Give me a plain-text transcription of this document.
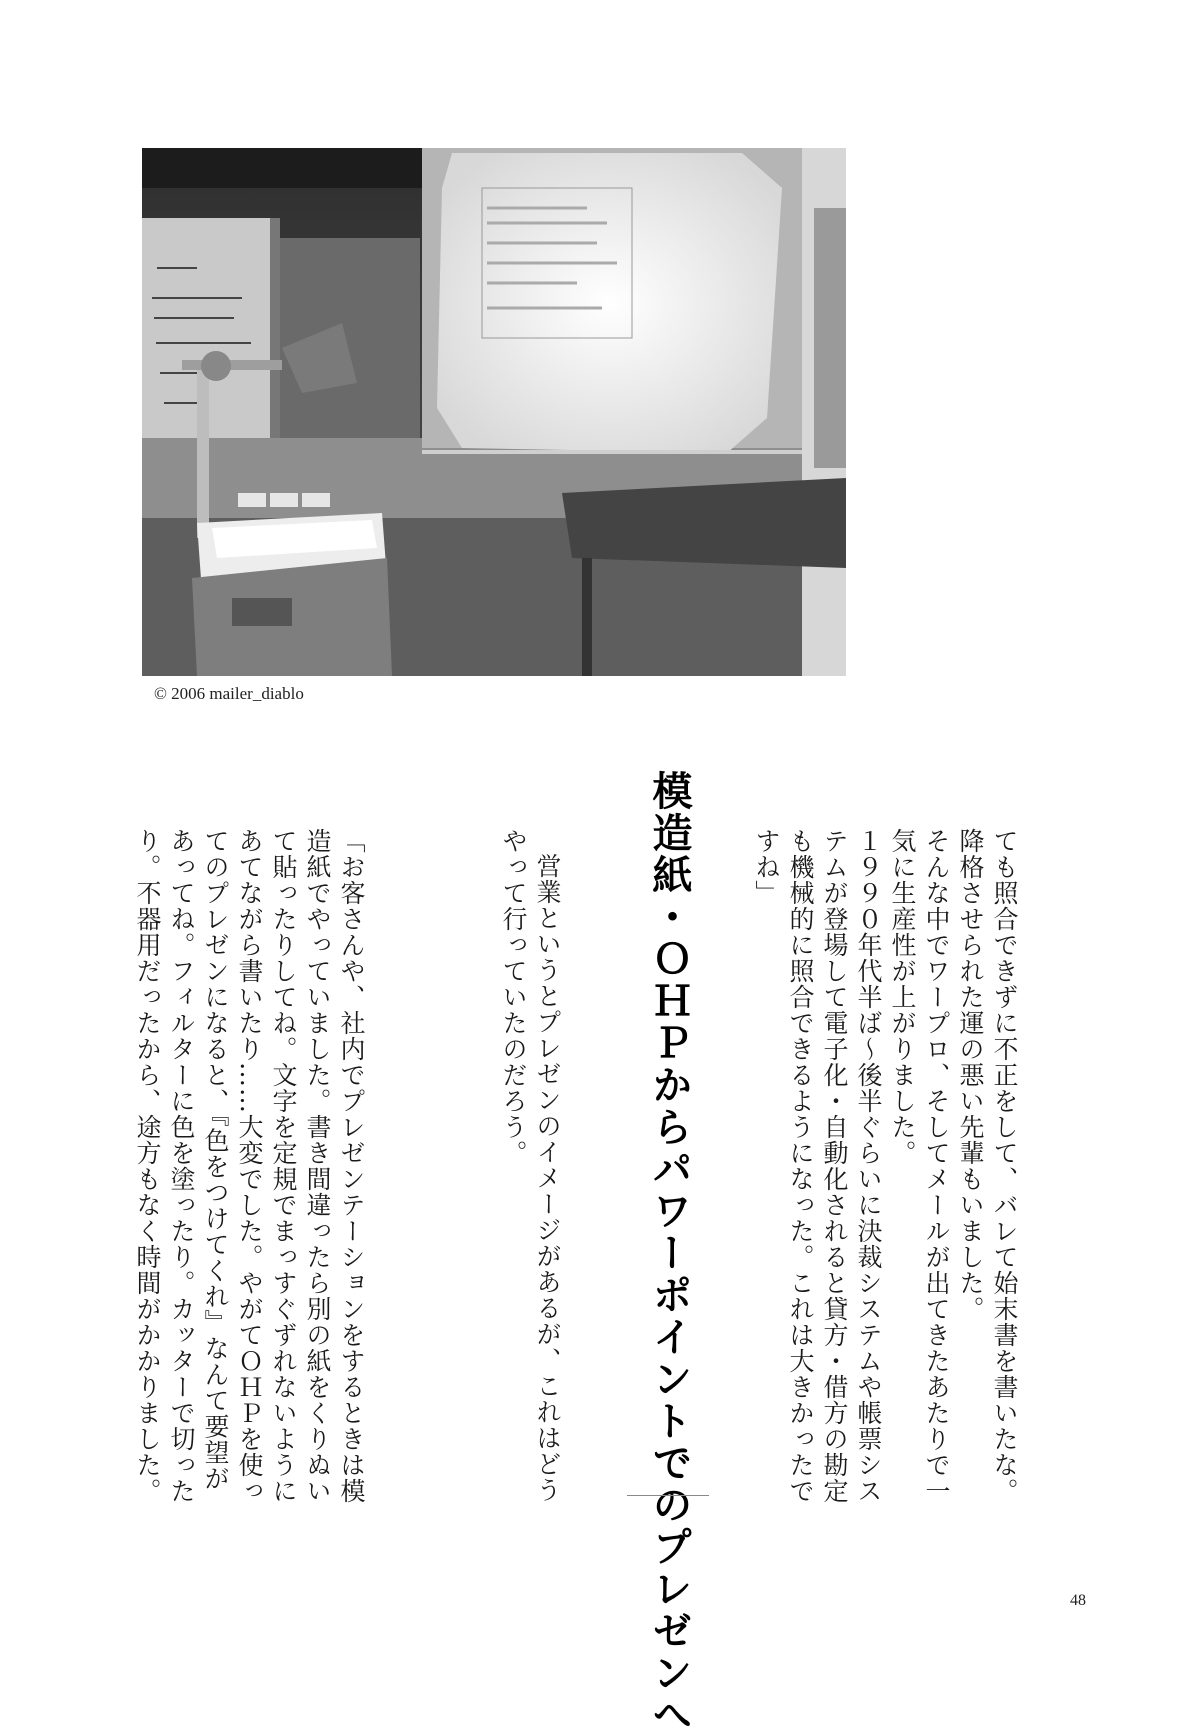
© 2006 mailer_diablo
ても照合できずに不正をして、バレて始末書を書いたな。
降格させられた運の悪い先輩もいました。
そんな中でワープロ、そしてメールが出てきたあたりで一
気に生産性が上がりました。
１９９０年代半ば～後半ぐらいに決裁システムや帳票シス
テムが登場して電子化・自動化されると貸方・借方の勘定
も機械的に照合できるようになった。これは大きかったで
すね」
模造紙・ＯＨＰからパワーポイントでのプレゼンへ
営業というとプレゼンのイメージがあるが、これはどう
やって行っていたのだろう。
「お客さんや、社内でプレゼンテーションをするときは模
造紙でやっていました。書き間違ったら別の紙をくりぬい
て貼ったりしてね。文字を定規でまっすぐずれないように
あてながら書いたり……大変でした。やがてＯＨＰを使っ
てのプレゼンになると、『色をつけてくれ』なんて要望が
あってね。フィルターに色を塗ったり。カッターで切った
り。不器用だったから、途方もなく時間がかかりました。
48
